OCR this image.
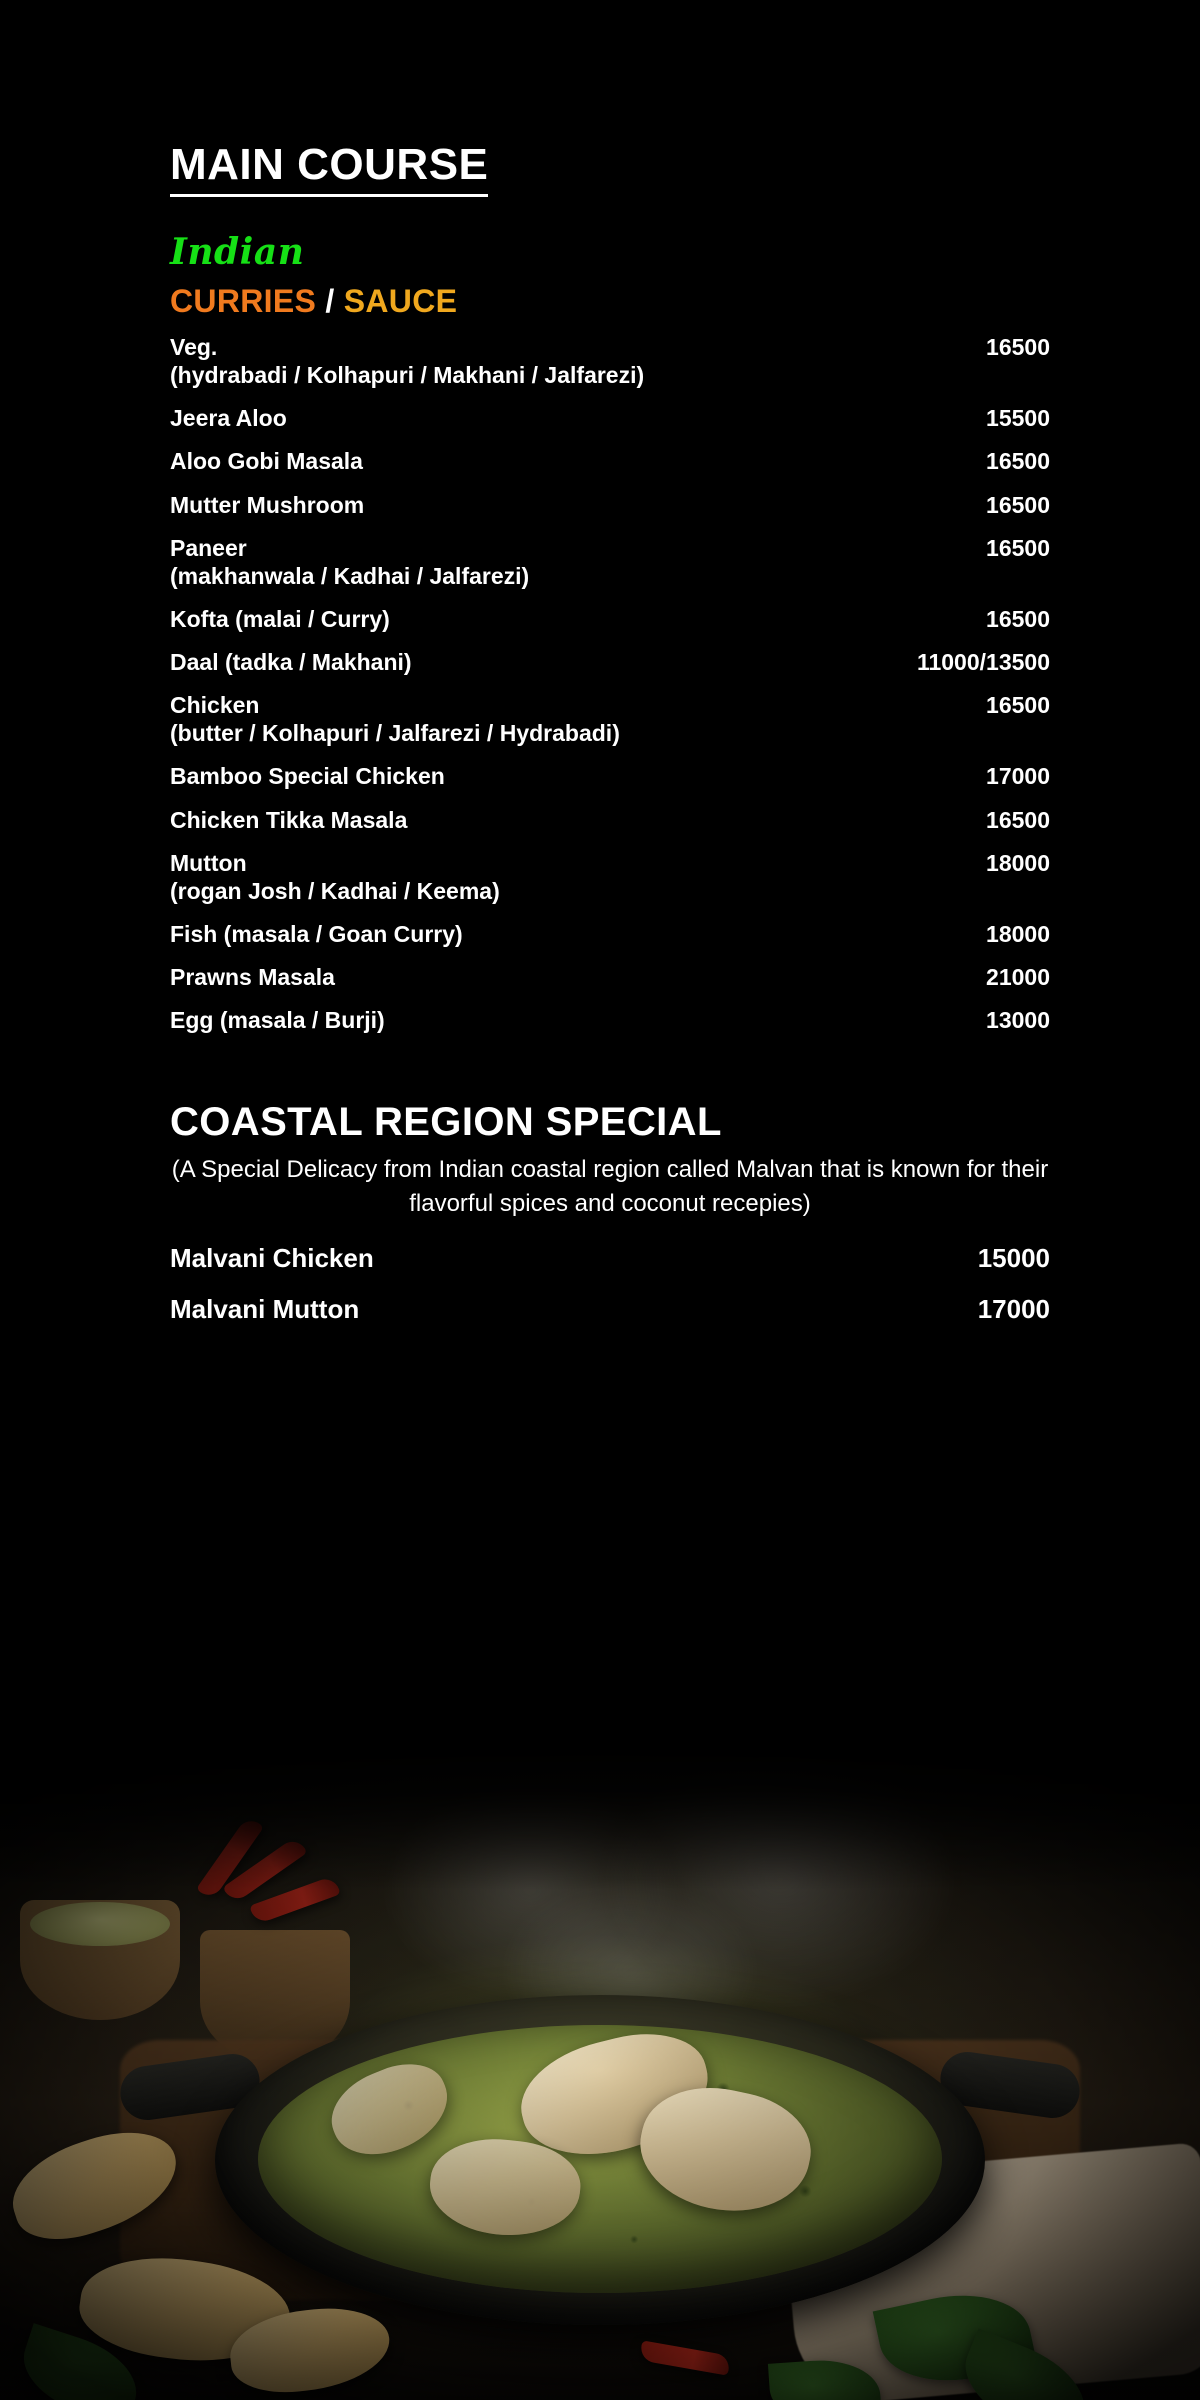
MAIN COURSE
Indian
CURRIES / SAUCE
Veg.
(hydrabadi / Kolhapuri / Makhani / Jalfarezi)
16500
Jeera Aloo	15500
Aloo Gobi Masala	16500
Mutter Mushroom	16500
Paneer
(makhanwala / Kadhai / Jalfarezi)
16500
Kofta (malai / Curry)	16500
Daal (tadka / Makhani)	11000/13500
Chicken
(butter / Kolhapuri / Jalfarezi / Hydrabadi)
16500
Bamboo Special Chicken	17000
Chicken Tikka Masala	16500
Mutton
(rogan Josh / Kadhai / Keema)
18000
Fish (masala / Goan Curry)	18000
Prawns Masala	21000
Egg (masala / Burji)	13000
COASTAL REGION SPECIAL
(A Special Delicacy from Indian coastal region called Malvan that is known for their flavorful spices and coconut recepies)
Malvani Chicken	15000
Malvani Mutton	17000
